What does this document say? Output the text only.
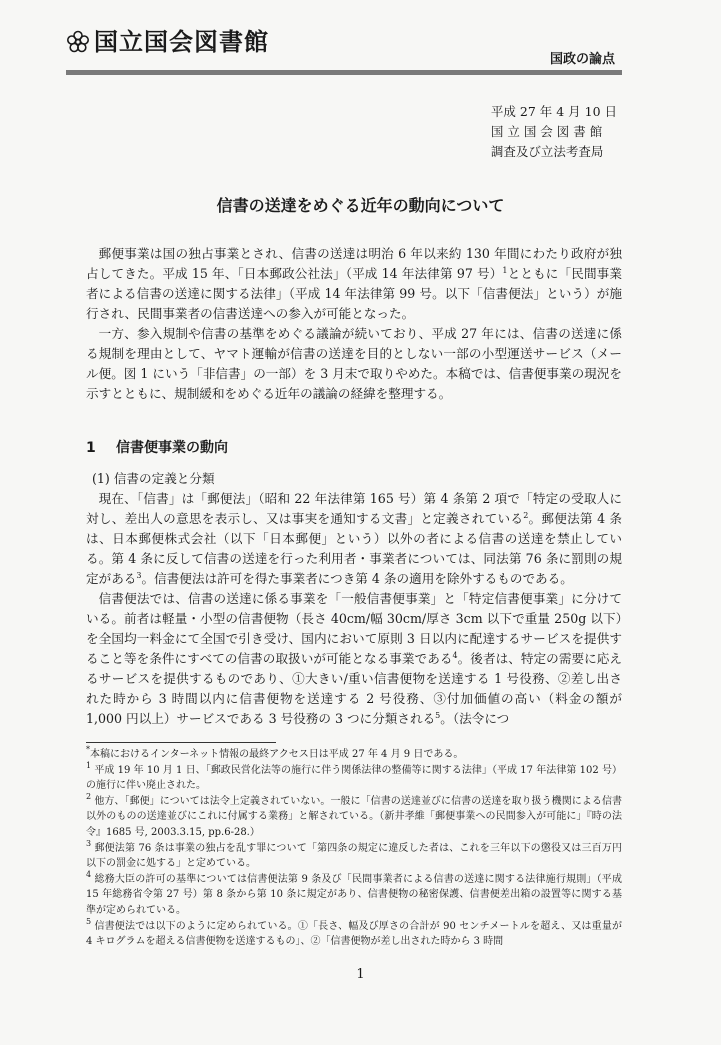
国立国会図書館
国政の論点
平成 27 年 4 月 10 日
国 立 国 会 図 書 館
調査及び立法考査局
信書の送達をめぐる近年の動向について

郵便事業は国の独占事業とされ、信書の送達は明治 6 年以来約 130 年間にわたり政府が独占してきた。平成 15 年、「日本郵政公社法」（平成 14 年法律第 97 号）$^1$とともに「民間事業者による信書の送達に関する法律」（平成 14 年法律第 99 号。以下「信書便法」という）が施行され、民間事業者の信書送達への参入が可能となった。

一方、参入規制や信書の基準をめぐる議論が続いており、平成 27 年には、信書の送達に係る規制を理由として、ヤマト運輸が信書の送達を目的としない一部の小型運送サービス（メール便。図 1 にいう「非信書」の一部）を 3 月末で取りやめた。本稿では、信書便事業の現況を示すとともに、規制緩和をめぐる近年の議論の経緯を整理する。

1 信書便事業の動向
(1) 信書の定義と分類

現在、「信書」は「郵便法」（昭和 22 年法律第 165 号）第 4 条第 2 項で「特定の受取人に対し、差出人の意思を表示し、又は事実を通知する文書」と定義されている$^2$。郵便法第 4 条は、日本郵便株式会社（以下「日本郵便」という）以外の者による信書の送達を禁止している。第 4 条に反して信書の送達を行った利用者・事業者については、同法第 76 条に罰則の規定がある$^3$。信書便法は許可を得た事業者につき第 4 条の適用を除外するものである。

信書便法では、信書の送達に係る事業を「一般信書便事業」と「特定信書便事業」に分けている。前者は軽量・小型の信書便物（長さ 40cm/幅 30cm/厚さ 3cm 以下で重量 250g 以下）を全国均一料金にて全国で引き受け、国内において原則 3 日以内に配達するサービスを提供すること等を条件にすべての信書の取扱いが可能となる事業である$^4$。後者は、特定の需要に応えるサービスを提供するものであり、①大きい/重い信書便物を送達する 1 号役務、②差し出された時から 3 時間以内に信書便物を送達する 2 号役務、③付加価値の高い（料金の額が 1,000 円以上）サービスである 3 号役務の 3 つに分類される$^5$。（法令につ

*本稿におけるインターネット情報の最終アクセス日は平成 27 年 4 月 9 日である。

$^1$ 平成 19 年 10 月 1 日、「郵政民営化法等の施行に伴う関係法律の整備等に関する法律」（平成 17 年法律第 102 号）の施行に伴い廃止された。

$^2$ 他方、「郵便」については法令上定義されていない。一般に「信書の送達並びに信書の送達を取り扱う機関による信書以外のものの送達並びにこれに付属する業務」と解されている。（新井孝維「郵便事業への民間参入が可能に」『時の法令』1685 号, 2003.3.15, pp.6-28.）

$^3$ 郵便法第 76 条は事業の独占を乱す罪について「第四条の規定に違反した者は、これを三年以下の懲役又は三百万円以下の罰金に処する」と定めている。

$^4$ 総務大臣の許可の基準については信書便法第 9 条及び「民間事業者による信書の送達に関する法律施行規則」（平成 15 年総務省令第 27 号）第 8 条から第 10 条に規定があり、信書便物の秘密保護、信書便差出箱の設置等に関する基準が定められている。

$^5$ 信書便法では以下のように定められている。①「長さ、幅及び厚さの合計が 90 センチメートルを超え、又は重量が 4 キログラムを超える信書便物を送達するもの」、②「信書便物が差し出された時から 3 時間

1
